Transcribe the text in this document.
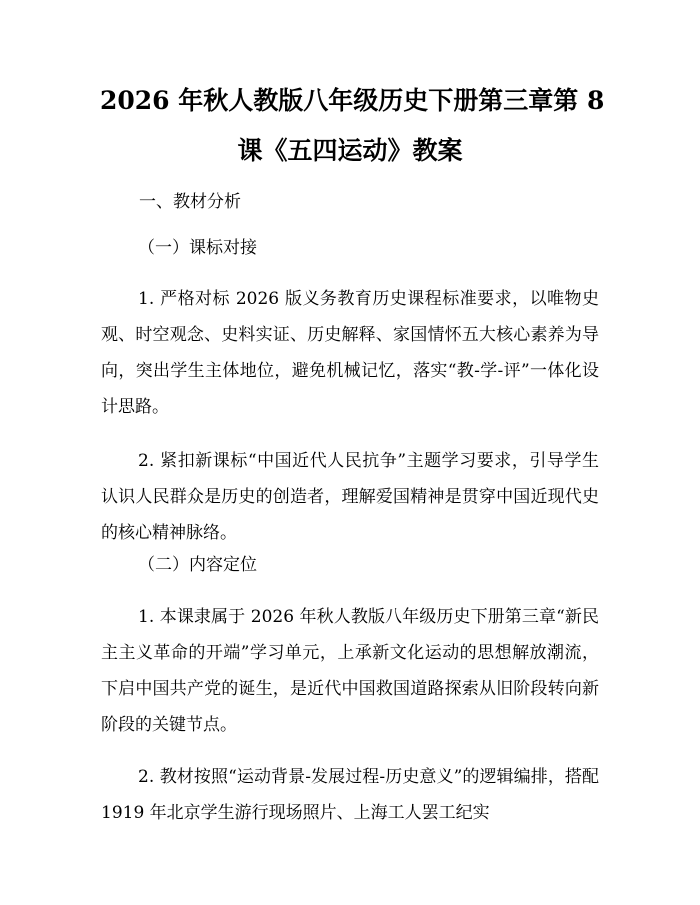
2026 年秋人教版八年级历史下册第三章第 8
课《五四运动》教案

一、教材分析

（一）课标对接

1. 严格对标 2026 版义务教育历史课程标准要求，以唯物史观、时空观念、史料实证、历史解释、家国情怀五大核心素养为导向，突出学生主体地位，避免机械记忆，落实“教-学-评”一体化设计思路。

2. 紧扣新课标“中国近代人民抗争”主题学习要求，引导学生认识人民群众是历史的创造者，理解爱国精神是贯穿中国近现代史的核心精神脉络。

（二）内容定位

1. 本课隶属于 2026 年秋人教版八年级历史下册第三章“新民主主义革命的开端”学习单元，上承新文化运动的思想解放潮流，下启中国共产党的诞生，是近代中国救国道路探索从旧阶段转向新阶段的关键节点。

2. 教材按照“运动背景-发展过程-历史意义”的逻辑编排，搭配 1919 年北京学生游行现场照片、上海工人罢工纪实
